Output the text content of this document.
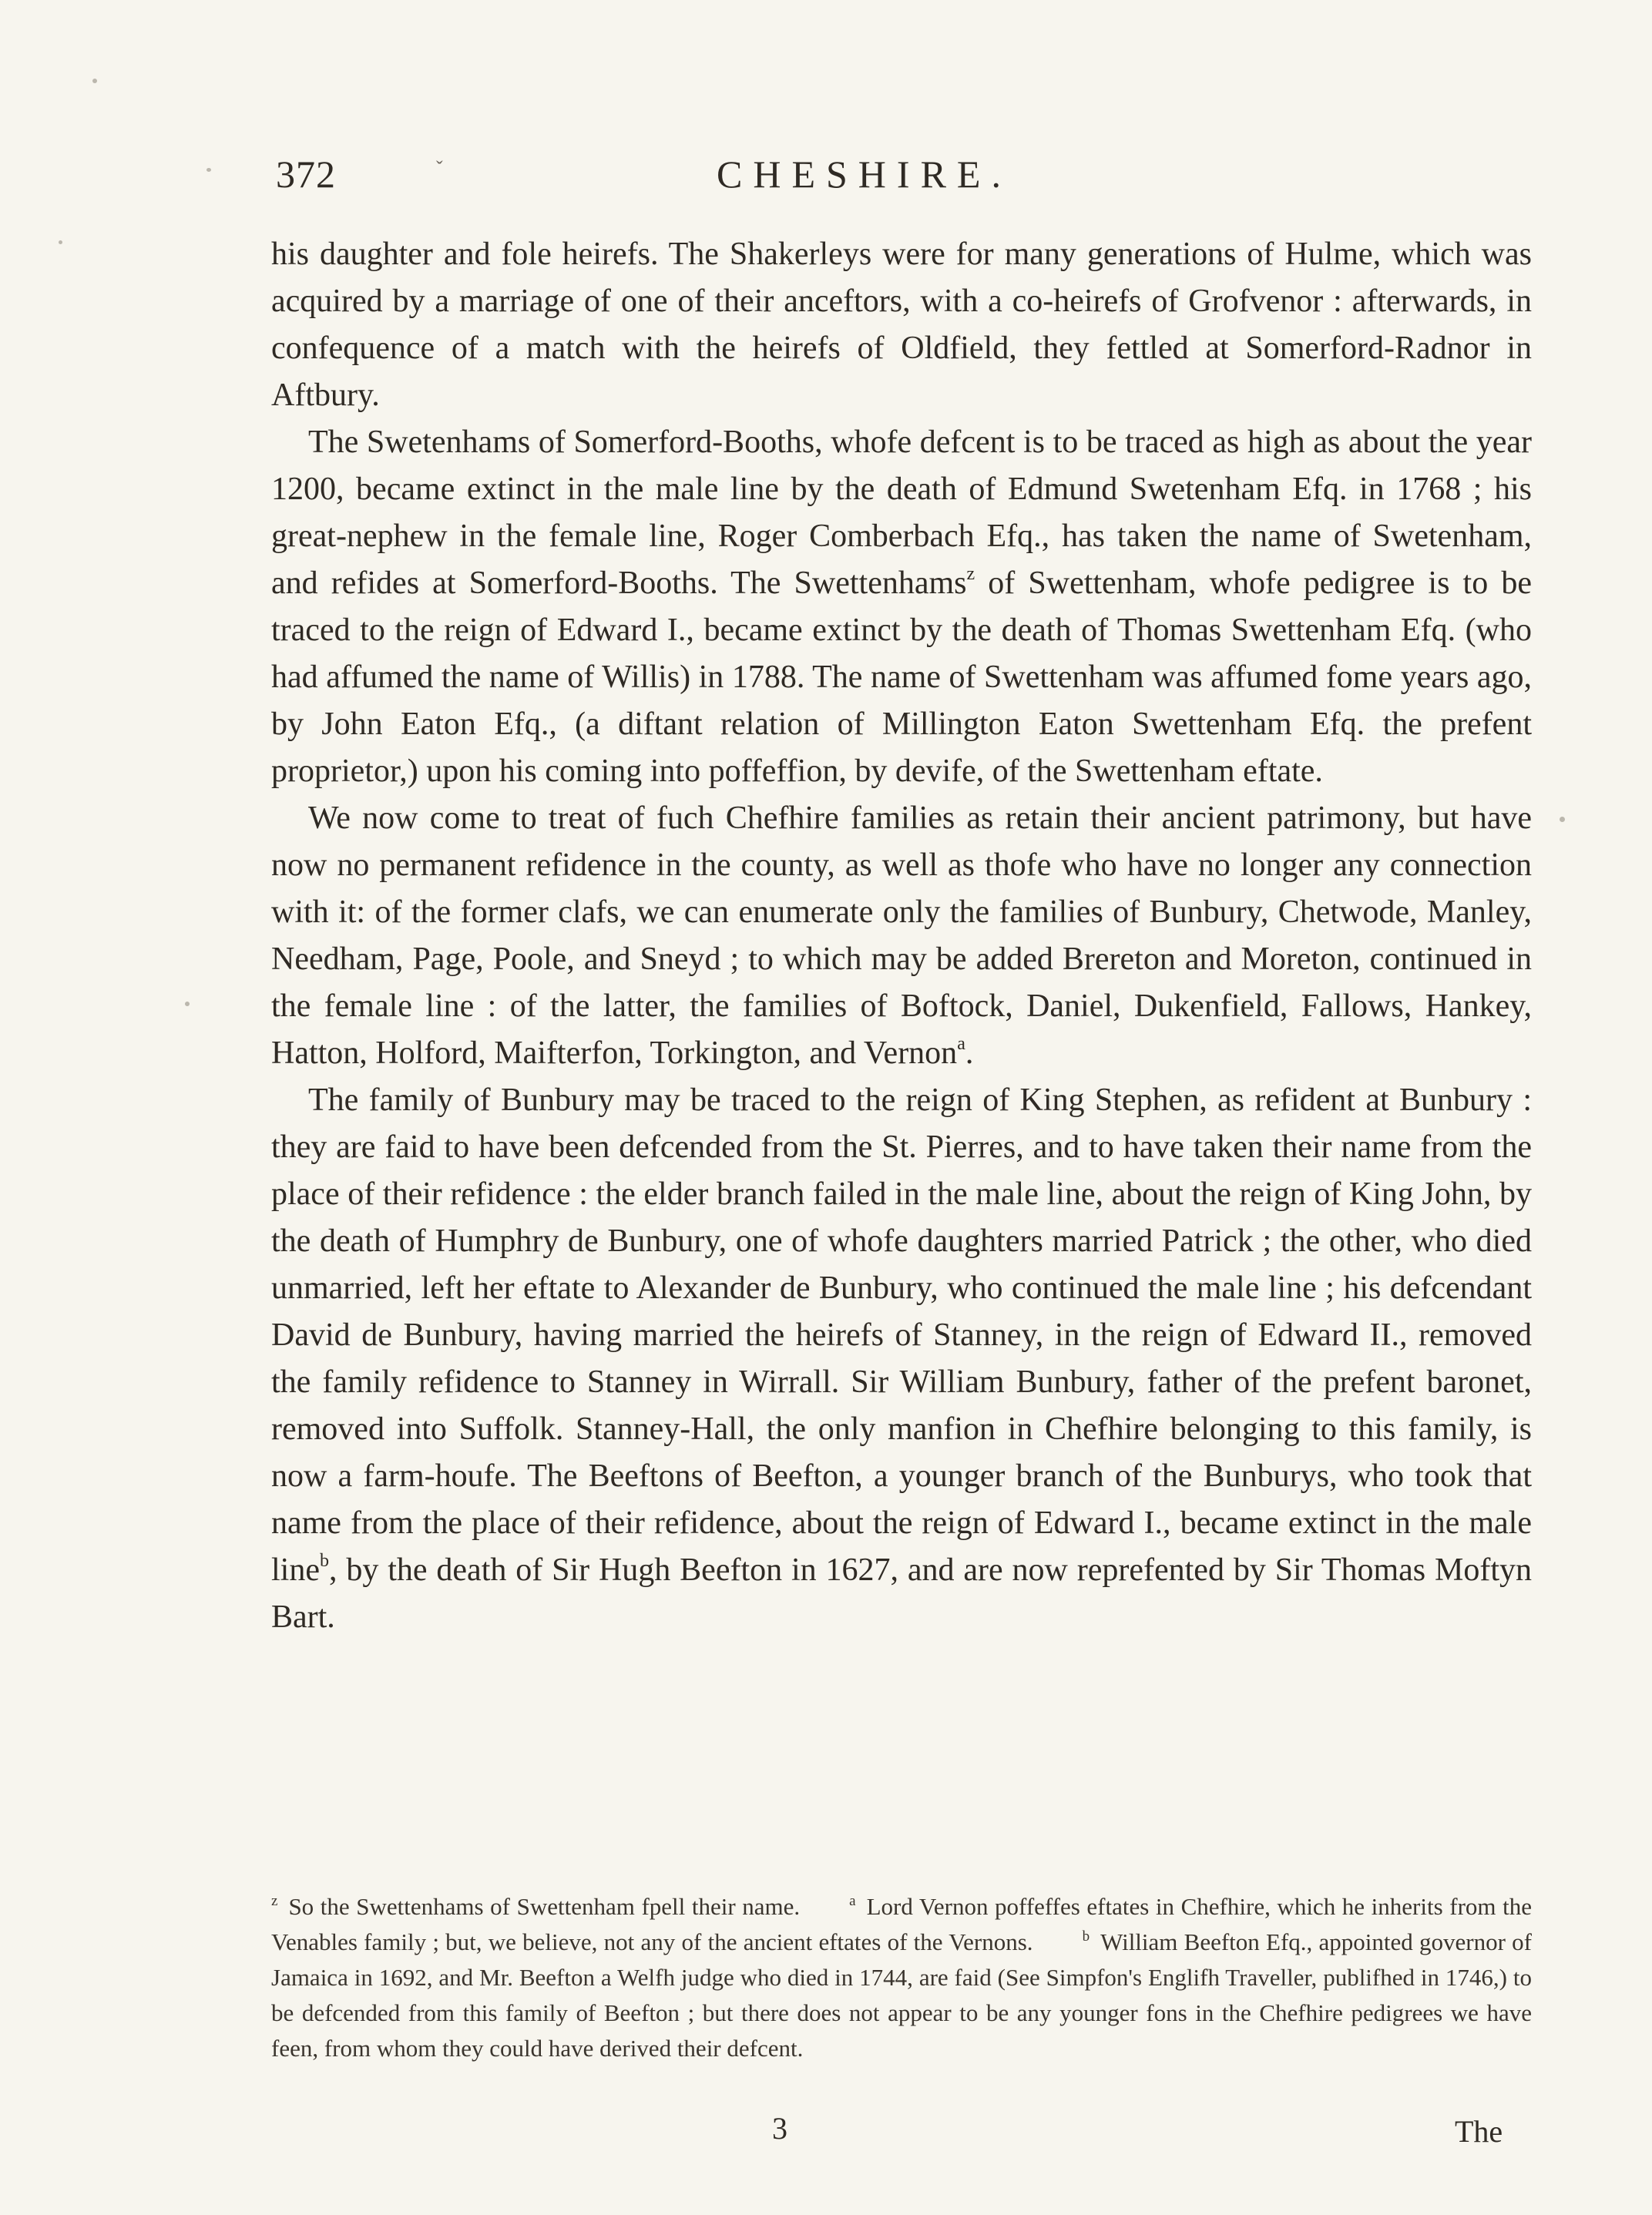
372	ˇ	CHESHIRE.

his daughter and fole heirefs. The Shakerleys were for many generations of Hulme, which was acquired by a marriage of one of their anceftors, with a co-heirefs of Grofvenor : afterwards, in confequence of a match with the heirefs of Oldfield, they fettled at Somerford-Radnor in Aftbury.

The Swetenhams of Somerford-Booths, whofe defcent is to be traced as high as about the year 1200, became extinct in the male line by the death of Edmund Swetenham Efq. in 1768 ; his great-nephew in the female line, Roger Comberbach Efq., has taken the name of Swetenham, and refides at Somerford-Booths. The Swettenhams$^z$ of Swettenham, whofe pedigree is to be traced to the reign of Edward I., became extinct by the death of Thomas Swettenham Efq. (who had affumed the name of Willis) in 1788. The name of Swettenham was affumed fome years ago, by John Eaton Efq., (a diftant relation of Millington Eaton Swettenham Efq. the prefent proprietor,) upon his coming into poffeffion, by devife, of the Swettenham eftate.

We now come to treat of fuch Chefhire families as retain their ancient patrimony, but have now no permanent refidence in the county, as well as thofe who have no longer any connection with it: of the former clafs, we can enumerate only the families of Bunbury, Chetwode, Manley, Needham, Page, Poole, and Sneyd ; to which may be added Brereton and Moreton, continued in the female line : of the latter, the families of Boftock, Daniel, Dukenfield, Fallows, Hankey, Hatton, Holford, Maifterfon, Torkington, and Vernon$^a$.

The family of Bunbury may be traced to the reign of King Stephen, as refident at Bunbury : they are faid to have been defcended from the St. Pierres, and to have taken their name from the place of their refidence : the elder branch failed in the male line, about the reign of King John, by the death of Humphry de Bunbury, one of whofe daughters married Patrick ; the other, who died unmarried, left her eftate to Alexander de Bunbury, who continued the male line ; his defcendant David de Bunbury, having married the heirefs of Stanney, in the reign of Edward II., removed the family refidence to Stanney in Wirrall. Sir William Bunbury, father of the prefent baronet, removed into Suffolk. Stanney-Hall, the only manfion in Chefhire belonging to this family, is now a farm-houfe. The Beeftons of Beefton, a younger branch of the Bunburys, who took that name from the place of their refidence, about the reign of Edward I., became extinct in the male line$^b$, by the death of Sir Hugh Beefton in 1627, and are now reprefented by Sir Thomas Moftyn Bart.

$^z$ So the Swettenhams of Swettenham fpell their name.	$^a$ Lord Vernon poffeffes eftates in Chefhire, which he inherits from the Venables family ; but, we believe, not any of the ancient eftates of the Vernons.	$^b$ William Beefton Efq., appointed governor of Jamaica in 1692, and Mr. Beefton a Welfh judge who died in 1744, are faid (See Simpfon's Englifh Traveller, publifhed in 1746,) to be defcended from this family of Beefton ; but there does not appear to be any younger fons in the Chefhire pedigrees we have feen, from whom they could have derived their defcent.

3	The
